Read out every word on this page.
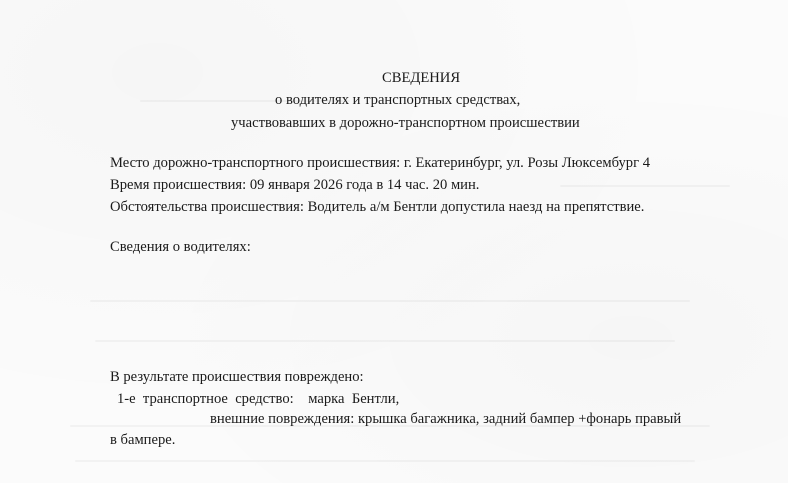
СВЕДЕНИЯ
о водителях и транспортных средствах,
участвовавших в дорожно-транспортном происшествии
Место дорожно-транспортного происшествия: г. Екатеринбург, ул. Розы Люксембург 4
Время происшествия: 09 января 2026 года в 14 час. 20 мин.
Обстоятельства происшествия: Водитель а/м Бентли допустила наезд на препятствие.
Сведения о водителях:
В результате происшествия повреждено:
1-е  транспортное  средство:    марка  Бентли,
внешние повреждения: крышка багажника, задний бампер +фонарь правый
в бампере.
